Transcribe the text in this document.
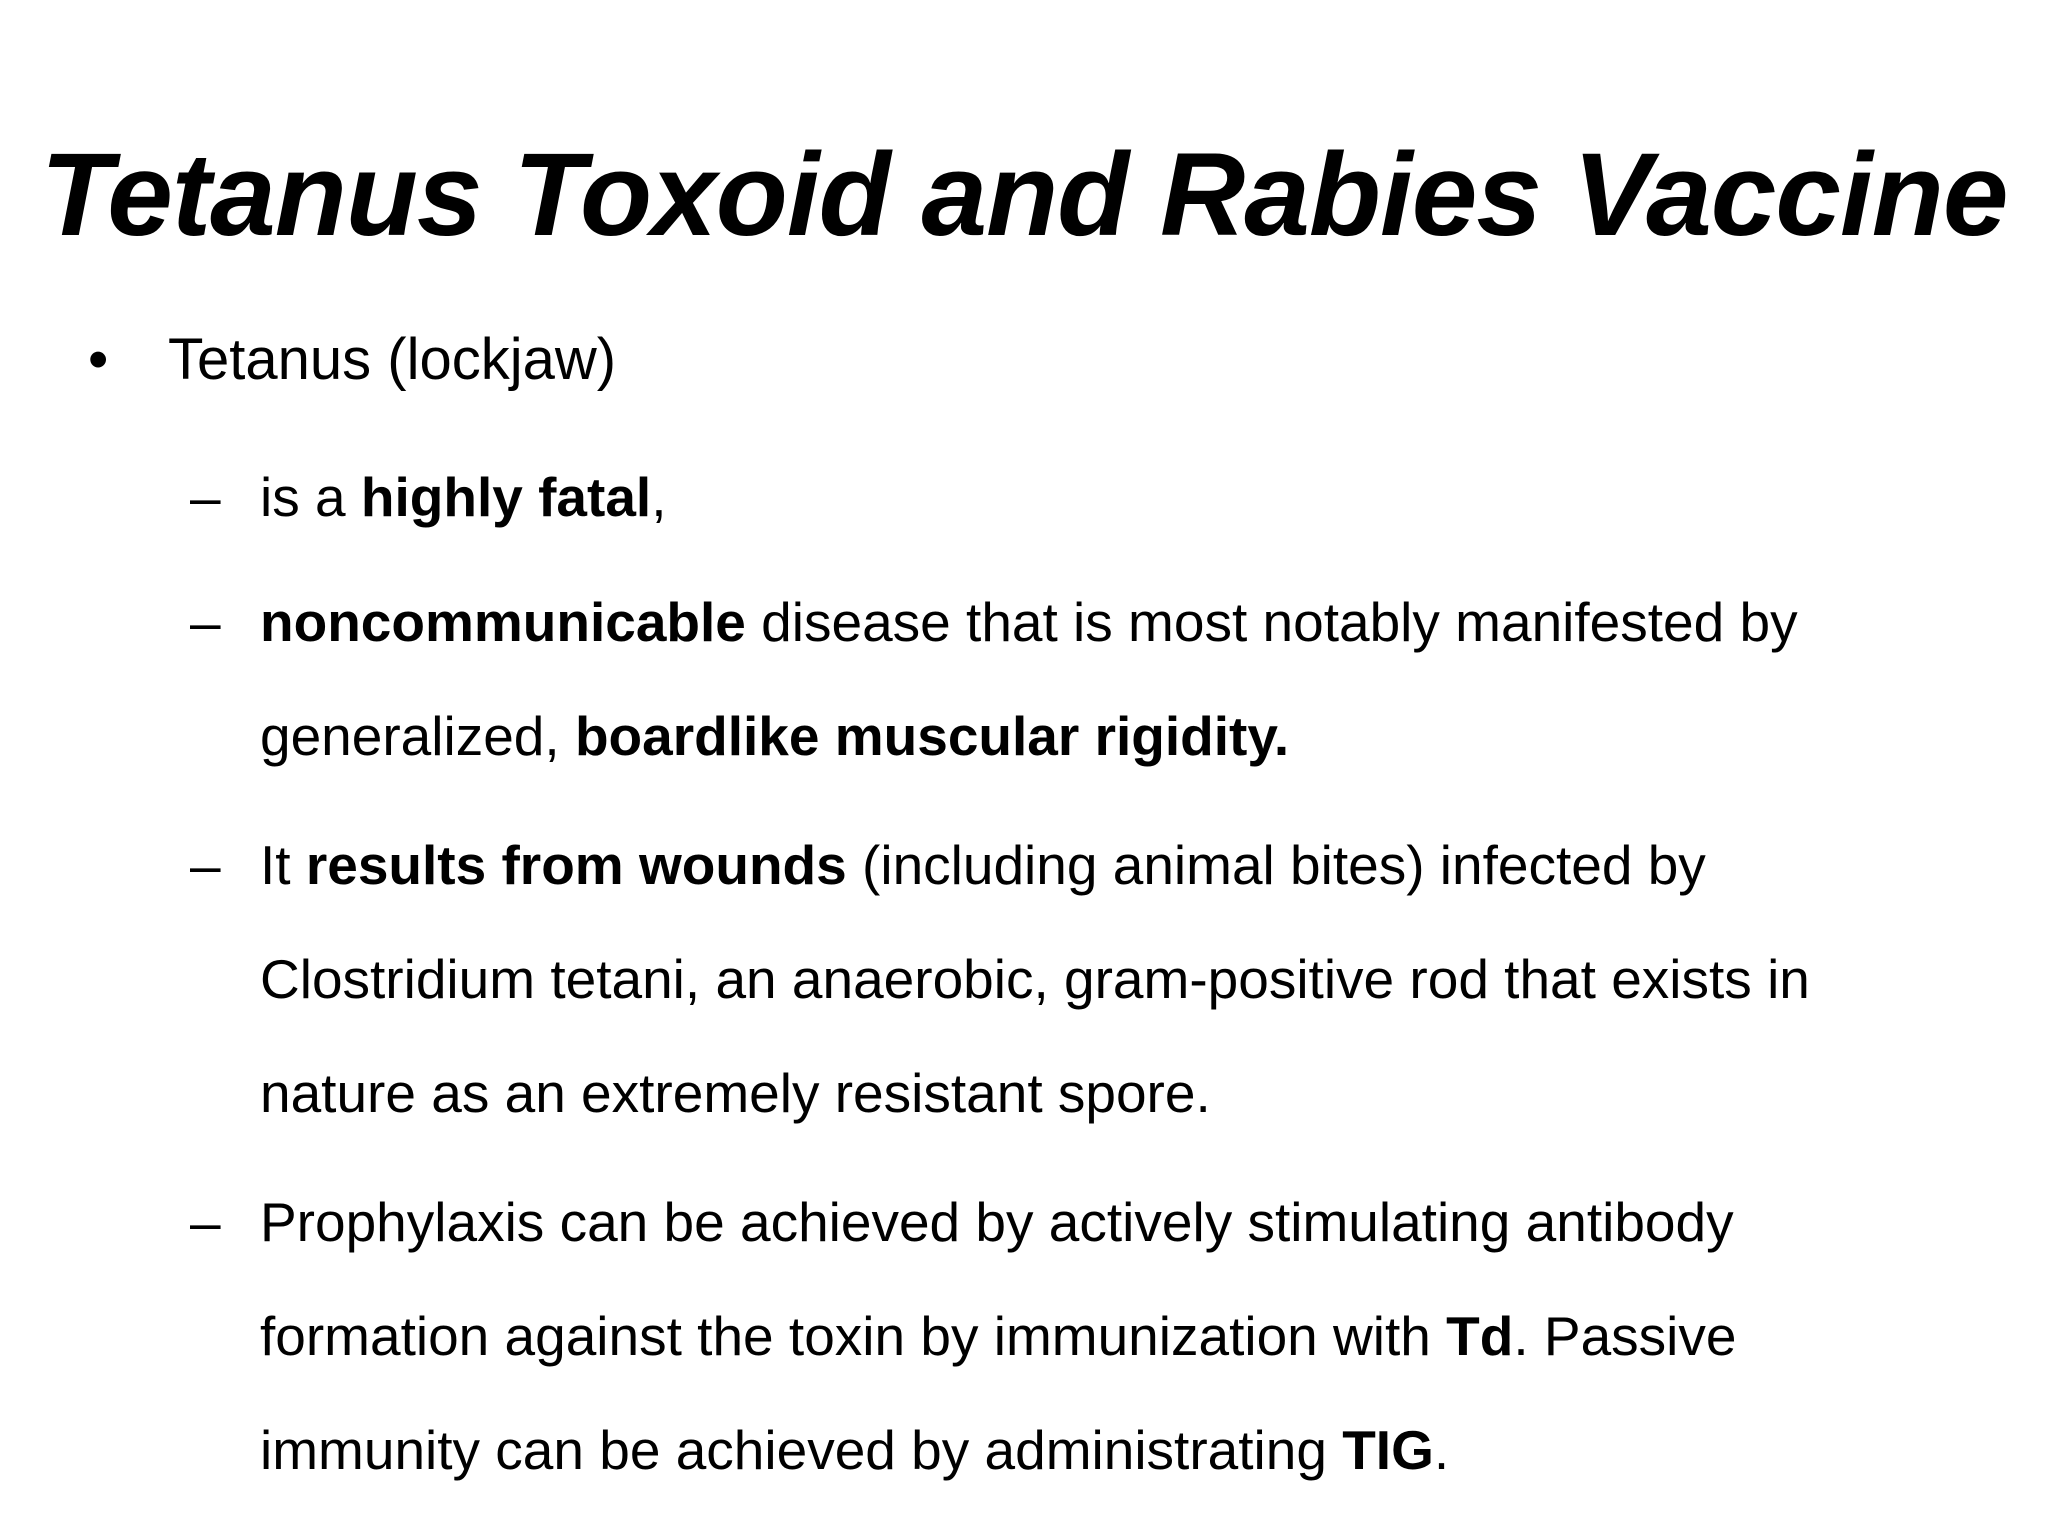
Tetanus Toxoid and Rabies Vaccine
• Tetanus (lockjaw)
– is a highly fatal,
– noncommunicable disease that is most notably manifested by generalized, boardlike muscular rigidity.
– It results from wounds (including animal bites) infected by Clostridium tetani, an anaerobic, gram-positive rod that exists in nature as an extremely resistant spore.
– Prophylaxis can be achieved by actively stimulating antibody formation against the toxin by immunization with Td. Passive immunity can be achieved by administrating TIG.
